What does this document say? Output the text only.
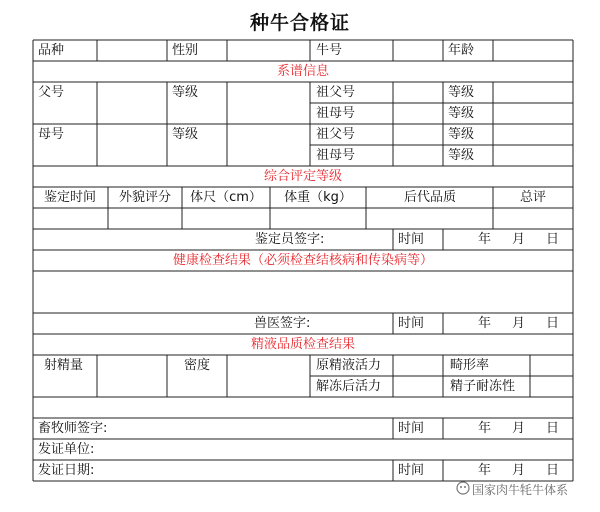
种牛合格证
品种	性别	牛号	年龄
系谱信息
父号	等级	祖父号	等级
祖母号	等级
母号	等级	祖父号	等级
祖母号	等级
综合评定等级
鉴定时间 外貌评分 体尺（cm） 体重（kg）	后代品质	总评
鉴定员签字:	时间	年 月 日
健康检查结果（必须检查结核病和传染病等）
兽医签字:	时间	年 月 日
精液品质检查结果
射精量	密度	原精液活力	畸形率
解冻后活力	精子耐冻性
畜牧师签字:	时间	年 月 日
发证单位:
发证日期:	时间	年 月 日
国家肉牛牦牛体系
